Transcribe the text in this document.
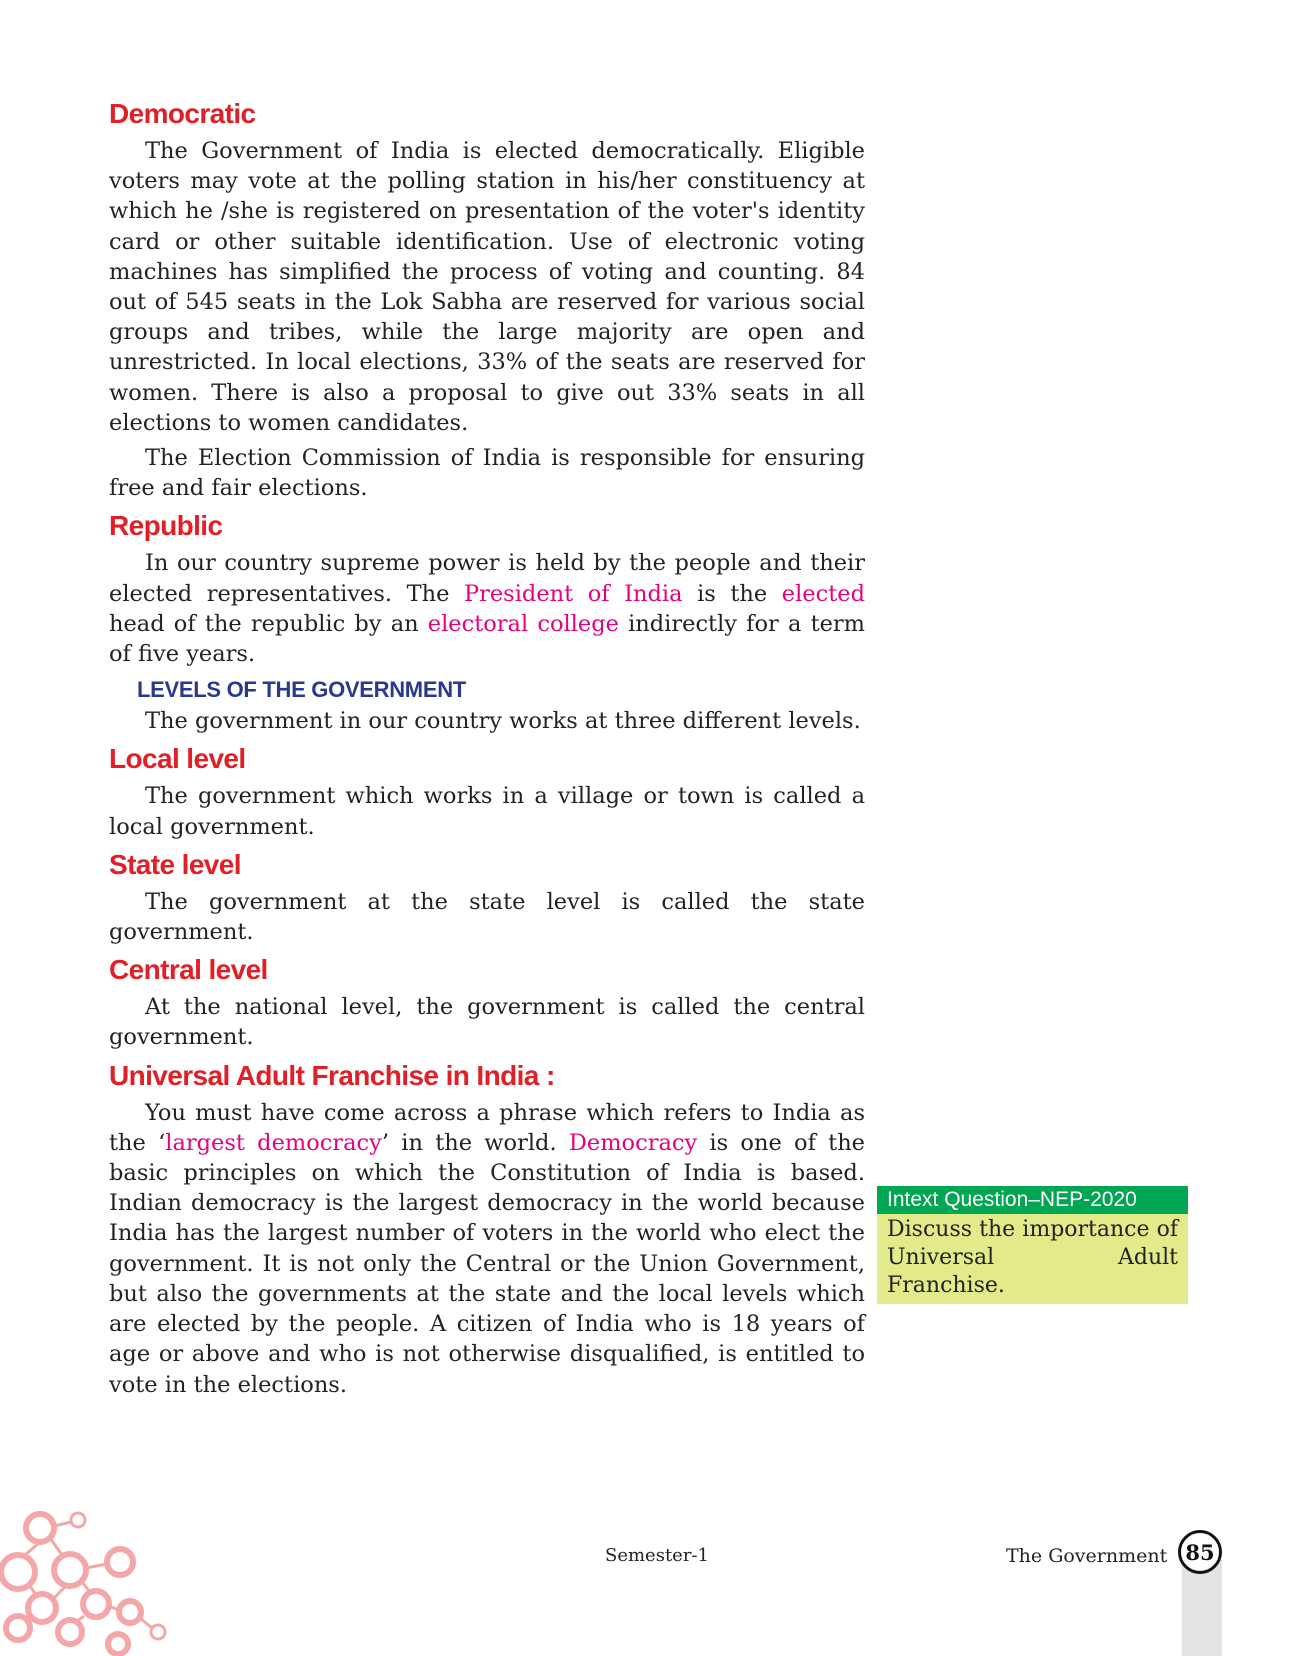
Democratic

The Government of India is elected democratically. Eligible voters may vote at the polling station in his/her constituency at which he /she is registered on presentation of the voter's identity card or other suitable identification. Use of electronic voting machines has simplified the process of voting and counting. 84 out of 545 seats in the Lok Sabha are reserved for various social groups and tribes, while the large majority are open and unrestricted. In local elections, 33% of the seats are reserved for women. There is also a proposal to give out 33% seats in all elections to women candidates.

The Election Commission of India is responsible for ensuring free and fair elections.

Republic

In our country supreme power is held by the people and their elected representatives. The President of India is the elected head of the republic by an electoral college indirectly for a term of five years.

LEVELS OF THE GOVERNMENT

The government in our country works at three different levels.

Local level

The government which works in a village or town is called a local government.

State level

The government at the state level is called the state government.

Central level

At the national level, the government is called the central government.

Universal Adult Franchise in India :

You must have come across a phrase which refers to India as the ‘largest democracy’ in the world. Democracy is one of the basic principles on which the Constitution of India is based. Indian democracy is the largest democracy in the world because India has the largest number of voters in the world who elect the government. It is not only the Central or the Union Government, but also the governments at the state and the local levels which are elected by the people. A citizen of India who is 18 years of age or above and who is not otherwise disqualified, is entitled to vote in the elections.

Intext Question–NEP-2020
Discuss the importance of Universal Adult Franchise.
Semester-1	The Government 85
